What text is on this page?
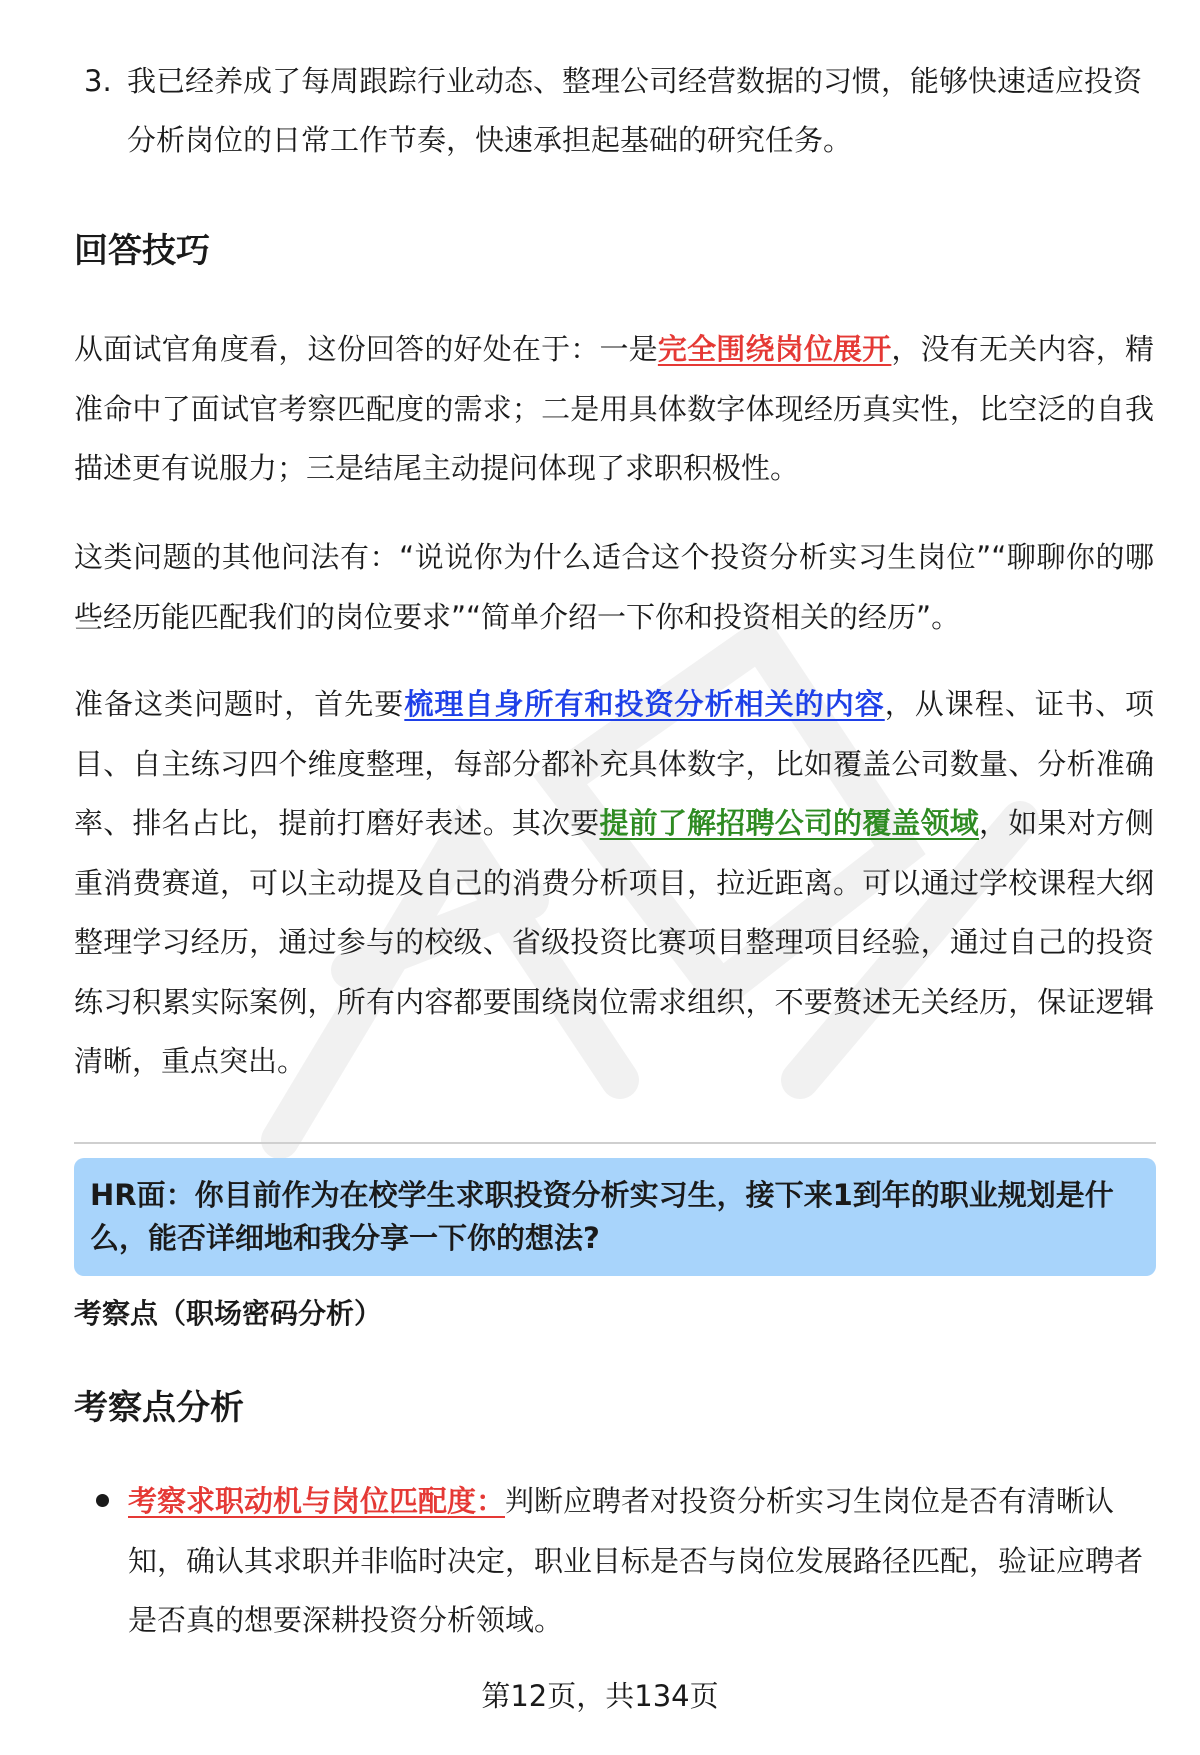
3. 我已经养成了每周跟踪行业动态、整理公司经营数据的习惯，能够快速适应投资分析岗位的日常工作节奏，快速承担起基础的研究任务。
回答技巧
从面试官角度看，这份回答的好处在于：一是完全围绕岗位展开，没有无关内容，精准命中了面试官考察匹配度的需求；二是用具体数字体现经历真实性，比空泛的自我描述更有说服力；三是结尾主动提问体现了求职积极性。
这类问题的其他问法有：“说说你为什么适合这个投资分析实习生岗位”“聊聊你的哪些经历能匹配我们的岗位要求”“简单介绍一下你和投资相关的经历”。
准备这类问题时，首先要梳理自身所有和投资分析相关的内容，从课程、证书、项目、自主练习四个维度整理，每部分都补充具体数字，比如覆盖公司数量、分析准确率、排名占比，提前打磨好表述。其次要提前了解招聘公司的覆盖领域，如果对方侧重消费赛道，可以主动提及自己的消费分析项目，拉近距离。可以通过学校课程大纲整理学习经历，通过参与的校级、省级投资比赛项目整理项目经验，通过自己的投资练习积累实际案例，所有内容都要围绕岗位需求组织，不要赘述无关经历，保证逻辑清晰，重点突出。
HR面：你目前作为在校学生求职投资分析实习生，接下来1到年的职业规划是什么，能否详细地和我分享一下你的想法?
考察点（职场密码分析）
考察点分析
考察求职动机与岗位匹配度：判断应聘者对投资分析实习生岗位是否有清晰认知，确认其求职并非临时决定，职业目标是否与岗位发展路径匹配，验证应聘者是否真的想要深耕投资分析领域。
第12页，共134页
